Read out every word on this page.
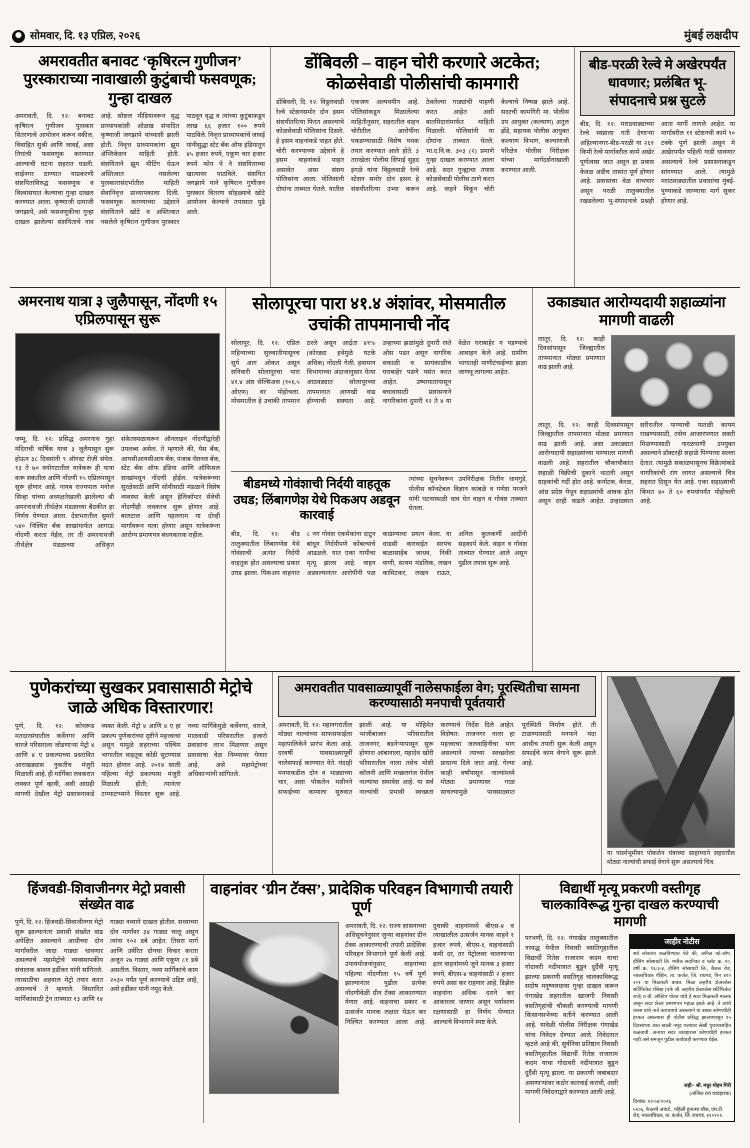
✺ सोमवार, दि. १३ एप्रिल, २०२६	मुंबई लक्षदीप
अमरावतीत बनावट ‘कृषिरत्न गुणीजन’ पुरस्काराच्या नावाखाली कुटुंबाची फसवणूक; गुन्हा दाखल
अमरावती, दि. १२: बनावट कृषिरत्न गुणीजन पुरस्कार वितरणाचे आयोजन करून वकील, विवाहित सुश्री आणि जावई, अशा तिघांची फसवणूक करण्यात आल्याची घटना शहरात घडली. साईनगर ठाण्यात याप्रकरणी संशयिताविरुद्ध फसवणूक व विश्वासघात केल्याचा गुन्हा दाखल करण्यात आला. कृष्णाजी दामाजी जगझापे, असे फसवणूकीचा गुन्हा दाखल झालेल्या संशयिताचे नाव आहे. सोशल मीडियावरून वृद्ध प्राध्यापकांशी ओळख संपादित कृष्णाजी जगझापे यांच्याशी झाली होती. निवृत्त प्राध्यापकांना झूम ॲप्लिकेशन माहिती होती. संशयिताने झूम मीटिंग घेऊन अस्तित्वात नसलेल्या पुरस्कारासंदर्भातील माहिती सेवानिवृत्त प्राध्यापकाला दिली. फसवणूक करण्याच्या उद्देशाने संशयिताने खोटे व अस्तित्वात नसलेले कृषिरत्न गुणीजन पुरस्कार पाठवून वृद्ध व त्यांच्या कुटुंबाकडून लाख ६६ हजार १०० रुपये पाठविले. निवृत्त प्राध्यापकांचे जावई यांनीसुद्धा स्टेट बँक ऑफ इंडियातून ४५ हजार रुपये, एकूण चार हजार रुपये फोन पे ने संशयिताच्या खात्यावर पाठविले. संशयित जगझापे याने कृषिरत्न गुणीजन पुरस्कार वितरण सोहळ्याचे खोटे आयोजन केल्याचे तपासात पुढे आले.
डोंबिवली – वाहन चोरी करणारे अटकेत; कोळसेवाडी पोलीसांची कामगारी
डोंबिवली, दि. १२: विठ्ठलवाडी रेल्वे स्टेशनसमोर दोन इसम संशयीतरित्या फिरत असल्याचे कोळसेवाडी पोलिसांना दिसले. हे इसम वाहनांकडे पाहत होते. चोरी करण्याच्या उद्देशाने हे इसम वाहनांकडे पाहत असावेत असा संशय पोलिसांना आला. पोलिसांनी दोघांना ताब्यात घेतले. यातील एकजण अल्पवयीन आहे. पोलिसांकडून मिळालेल्या माहितीनुसार, शहरातील वाहन चोरीतील आरोपींना पकडण्यासाठी विशेष पथक तयार करण्यात आले होते. ३ तारखेला पोलीस शिपाई सुहद इंगळे यांना विठ्ठलवाडी रेल्वे स्टेशन समोर दोन इसम हे संशयीतरित्या उभ्या करून ठेवलेल्या गाड्यांची पाहणी करत आहेत अशी बातमिदारांमार्फत माहिती मिळाली. पोलिसांनी या दोघांना ताब्यात घेतले. भा.द.वि.क. ३०३ (२) प्रमाणे गुन्हा दाखल करण्यात आला आहे. सदर गुन्ह्याचा तपास कोळसेवाडी पोलीस ठाणे करत आहे. वाहने विकून चोरी केल्याचे निष्पन्न झाले आहे. सदरची कामगिरी मा. पोलीस उप आयुक्त (कल्याण) अतुल झेंडे, सहायक पोलीस आयुक्त कल्याण विभाग, कल्याणजी परिक्षेत्र पोलीस निरीक्षक यांच्या मार्गदर्शनाखाली करण्यात आली.
बीड-परळी रेल्वे मे अखेरपर्यंत धावणार; प्रलंबित भू-संपादनाचे प्रश्न सुटले
बीड, दि. १२: मराठवाड्याच्या रेल्वे स्वप्नाला गती देणाऱ्या अहिल्यानगर-बीड-परळी या २६१ किमी रेल्वे मार्गावरील कामे अखेर पूर्णत्वास जात असून हा प्रवास केवळ अडीच तासांत पूर्ण होणार आहे. प्रवासाचा वेळ वाचणार असून परळी तालुक्यातील रखडलेल्या भू-संपादनाचे प्रश्नही आता मार्गी लागले आहेत. या मार्गावरील ११ स्टेशनची कामे ९० टक्के पूर्ण झाली असून मे अखेरपर्यंत पहिली गाडी धावणार असल्याचे रेल्वे प्रशासनाकडून सांगण्यात आले. त्यामुळे मराठवाड्यातील प्रवाशांचा मुंबई-पुण्याकडे जाण्याचा मार्ग सुकर होणार आहे.
अमरनाथ यात्रा ३ जुलैपासून, नोंदणी १५ एप्रिलपासून सुरू
जम्मू, दि. १२: प्रसिद्ध अमरनाथ गुहा मंदिराची वार्षिक यात्रा ३ जुलैपासून सुरू होऊन ३८ दिवसांनी ९ ऑगस्ट रोजी संपेल. १३ ते ७० वयोगटातील यात्रेकरू ही यात्रा करू शकतील आणि नोंदणी १५ एप्रिलपासून सुरू होणार आहे. नायब राज्यपाल मनोज सिन्हा यांच्या अध्यक्षतेखाली झालेल्या श्री अमरनाथजी तीर्थक्षेत्र मंडळाच्या बैठकीत हा निर्णय घेण्यात आला. देशभरातील सुमारे ५४० निश्चित बँक शाखांमार्फत आगाऊ नोंदणी करता येईल, तर ती अमरनाथजी तीर्थक्षेत्र मंडळाच्या अधिकृत संकेतस्थळावरून ऑनलाइन नोंदणीद्वारेही उपलब्ध असेल. ते म्हणाले की, येस बँक, आयसीआयसीआय बँक, पंजाब नॅशनल बँक, स्टेट बँक ऑफ इंडिया आणि ऑफिसल शाखांमधून नोंदणी होईल. यात्रेकरूंच्या सुरक्षेसाठी आणि सोयीसाठी मंडळाने विशेष व्यवस्था केली असून हेलिकॉप्टर सेवेची नोंदणीही लवकरच सुरू होणार आहे. बालटाल आणि पहलगाम या दोन्ही मार्गांवरून यात्रा होणार असून यात्रेकरूंना आरोग्य प्रमाणपत्र बंधनकारक राहील.
सोलापूरचा पारा ४१.४ अंशांवर, मोसमातील उचांकी तापमानाची नोंद
सोलापूर, दि. १२: एप्रिल महिन्याच्या सुरुवातीपासूनच सूर्य आग ओकत असून शनिवारी सोलापूरचा पारा ४१.४ अंश सेल्सिअस (१०६.५ ओएफ) वर पोहोचला. मोसमातील हे उचांकी तापमान ठरले असून आर्द्रता ४१% (कोरड्या हवेमुळे घटके अधिक) नोंदली गेली. हवामान विभागाच्या अंदाजानुसार येत्या आठवड्यात सोलापूरच्या तापमानात आणखी वाढ होण्याची शक्यता आहे. उन्हाच्या झळांमुळे दुपारी रस्ते ओस पडत असून नागरिक सकाळी व सायंकाळीच घराबाहेर पडणे पसंत करत आहेत. उष्माघातापासून बचावासाठी प्रशासनाने नागरिकांना दुपारी १२ ते ४ या वेळेत घराबाहेर न पडण्याचे आवाहन केले आहे. ग्रामीण भागातही पाणीटंचाईच्या झळा जाणवू लागल्या आहेत.
बीडमध्ये गोवंशाची निर्दयी वाहतूक उघड; लिंबागणेश येथे पिकअप अडवून कारवाई
त्यांच्या सूचनेवरून उपनिरीक्षक नितीन धायगुडे, पोलीस कॉन्स्टेबल विज्ञान कांबळे व गणेश परजने यांनी घटनास्थळी धाव घेत वाहन व गोवंश ताब्यात घेतला.
बीड, दि. १२: बीड तालुक्यातील लिंबागणेश येथे गोवंशाची अत्यंत निर्दयी वाहतूक होत असल्याचा प्रकार उघड झाला. पिकअप वाहनात ८ नग गोवंश एकमेकांना दाटून बांधून निर्दयीपणे कोंबल्याचे आढळले. यात एका गायीचा मृत्यू झाला आहे. वाहन अडवल्यानंतर आरोपींनी पळ काढण्याचा प्रयत्न केला. या धाडसी कारवाईत सरपंच बाळासाहेब जाधव, निकी वाणी, सत्यम मंडलिक, लखन कामिटकर, लखन राऊत, अनिल कुलकर्णी आदींनी सहकार्य केले. वाहन व गोवंश ताब्यात घेण्यात आले असून पुढील तपास सुरू आहे.
उकाड्यात आरोग्यदायी शहाळ्यांना मागणी वाढली
लातूर, दि. १२: काही दिवसांपासून जिल्ह्यातील तापमानात मोठ्या प्रमाणात वाढ झाली आहे.
लातूर, दि. १२: काही दिवसांपासून जिल्ह्यातील तापमानात मोठ्या प्रमाणात वाढ झाली आहे. अशा उकाड्यात आरोग्यदायी शहाळ्यांच्या पाण्याला मागणी वाढली आहे. शहरातील चौकाचौकांत शहाळी विक्रीची दुकाने थाटली असून ग्राहकांची गर्दी होत आहे. कर्नाटक, केरळ, आंध्र प्रदेश येथून शहाळ्यांची आवक होत असून दरही वाढले आहेत. उन्हाळ्यात शरीरातील पाण्याची पातळी कायम राखण्यासाठी, तसेच आजारपणात शक्ती मिळण्यासाठी नारळपाणी उपयुक्त असल्याने डॉक्टरही शहाळे पिण्याचा सल्ला देतात. त्यामुळे सकाळपासूनच विक्रेत्यांकडे नागरिकांची रांग लागत असल्याचे चित्र शहरात दिसून येत आहे. एका शहाळ्याची किंमत ४० ते ६० रुपयांपर्यंत पोहोचली आहे.
पुणेकरांच्या सुखकर प्रवासासाठी मेट्रोचे जाळे अधिक विस्तारणार!
पुणे, दि. १२: कोथरूड मतदारसंघातील कर्वेनगर आणि वारजे परिसराला जोडणाऱ्या मेट्रो ४ आणि ४ ए प्रकल्पाच्या प्रस्तावित आराखड्यास नुकतीच मंजुरी मिळाली आहे. ही मार्गिका लवकरात लवकर पूर्ण व्हावी, अशी आग्रही मागणी देखील मेट्रो प्रशासनाकडे व्यक्त केली. मेट्रो ४ आणि ४ ए हा प्रकल्प पुणेकरांच्या दृष्टीने महत्त्वाचा असून यामुळे शहराच्या पश्चिम भागातील वाहतूक कोंडी सुटण्यास मदत होणार आहे. २०१४ साली पहिल्या मेट्रो प्रकल्पास मंजुरी मिळाली होती; त्यानंतर टप्प्याटप्प्याने विस्तार सुरू आहे. नव्या मार्गिकेमुळे कर्वेनगर, वारजे, माळवाडी परिसरातील हजारो प्रवाशांना लाभ मिळणार असून प्रवासाचा वेळ निम्म्यावर येणार आहे, असे महामेट्रोच्या अधिकाऱ्यांनी सांगितले.
अमरावतीत पावसाळ्यापूर्वी नालेसफाईला वेग; पूरस्थितीचा सामना करण्यासाठी मनपाची पूर्वतयारी
अमरावती, दि. १२: महानगरातील मोठ्या नाल्यांच्या साफसफाईला महापालिकेने प्रारंभ केला आहे. दरवर्षी पावसाळ्यापूर्वी नालेसफाई करण्यात येते. यंदाही मनपाकडील दोन व भाड्याच्या चार, अशा पोकलेन मशीनने सफाईच्या कामाला सुरुवात झाली आहे. या मोहिमेत भाजीबाजार परिसरातील ताजनगर, बडनेऱ्यापासून सुरू होणारा आंबानाला, महादेव खोरी परिसरातील नाला तसेच मोशी कॉलनी आणि मच्छलगंज येथील नाल्यांचा समावेश आहे. या सर्व नाल्यांची प्रभावी स्वच्छता करण्याचे निर्देश दिले आहेत. विशेषत: ताजनगर नाला हा महत्त्वाचा जलवाहिनीचा भाग असल्याने त्याच्या स्वच्छतेला प्राधान्य दिले जात आहे. गेल्या काही वर्षांपासून नाल्यांमध्ये मोठ्या प्रमाणावर गाळ साचल्यामुळे पावसाळ्यात पूरस्थिती निर्माण होते. ती टाळण्यासाठी मनपाने यंदा आधीच तयारी सुरू केली असून सफाईचे काम वेगाने सुरू झाले आहे.
या पार्श्वभूमीवर पोकलेन यंत्राच्या साहाय्याने शहरातील मोठ्या नाल्यांची सफाई वेगाने सुरू असल्याचे चित्र.
हिंजवडी-शिवाजीनगर मेट्रो प्रवासी संख्येत वाढ
पुणे, दि. १२: हिंजवडी-शिवाजीनगर मेट्रो सुरू झाल्यानंतर प्रवासी संख्येत वाढ अपेक्षित असल्याने आधीच्या दोन मार्गांवरील जादा गाड्या धावणार असल्याचे महामेट्रोचे व्यवस्थापकीय संचालक श्रावण हर्डीकर यांनी सांगितले. त्यासाठीचा अहवाल मेट्रो तयार करत असल्याचे ते म्हणाले. विस्तारित मार्गिकांसाठी ट्रेन ताफ्यात १३ आणि १४ गाड्या नव्याने दाखल होतील. सध्याच्या दोन मार्गांवर ३४ गाड्या चालू असून त्यांना १०२ डबे आहेत. तिसरा मार्ग आणि उर्वरित दोनचा विचार करता अजून २७ गाड्या आणि एकूण ८१ डबे असतील. विस्तार, नव्या मार्गिकांचे काम २०३० पर्यंत पूर्ण करण्याचे उद्दिष्ट आहे, असे हर्डीकर यांनी नमूद केले.
वाहनांवर ‘ग्रीन टॅक्स’, प्रादेशिक परिवहन विभागाची तयारी पूर्ण
अमरावती, दि. १२: राज्य शासनाच्या अधिसूचनेनुसार जुन्या वाहनांवर ग्रीन टॅक्स आकारण्याची तयारी प्रादेशिक परिवहन विभागाने पूर्ण केली आहे. उपाययोजनांनुसार, वाहनांच्या पहिल्या नोंदणीला १५ वर्षे पूर्ण झाल्यानंतर पुढील प्रत्येक नोंदणीवेळी ग्रीन टॅक्स आकारण्यात येणार आहे. वाहनाचा प्रकार व उत्सर्जन मानक लक्षात घेऊन कर निश्चित करण्यात आला आहे. दुचाकी वाहनांमध्ये बीएस-४ व त्याखालील उत्सर्जन मानक वाहने १ हजार रुपये, बीएस-६ वाहनांसाठी कमी दर, तर पेट्रोलवर चालणाऱ्या इतर वाहनांमध्ये जुने मानक ३ हजार रुपये, बीएस-४ वाहनांसाठी २ हजार रुपये असा कर राहणार आहे. डिझेल वाहनांना अधिक दराने कर आकारला जाणार असून पर्यावरण रक्षणासाठी हा निर्णय घेण्यात आल्याचे विभागाने स्पष्ट केले.
विद्यार्थी मृत्यू प्रकरणी वस्तीगृह चालकाविरूद्ध गुन्हा दाखल करण्याची मागणी
परभणी, दि. १२: गंगाखेड तालुक्यातील नरवद्ध येथील निवासी वसतिगृहातील विद्यार्थी रितेश राजाराम कदम याचा गोदावरी नदीपात्रात बुडून दुर्दैवी मृत्यू झाल्या प्रकरणी वसतिगृह चालकाविरूद्ध सदोष मनुष्यवधाचा गुन्हा दाखल करून गंगाखेड शहरातील खाजगी निवासी वसतिगृहांची चौकशी करण्याची मागणी किसानसभेच्या वतीने करण्यात आली आहे. यावेळी पोलीस निरीक्षक गंगाखेड यांना निवेदन देण्यात आले. निवेदनात म्हटले आहे की, सुर्यनिवा प्रतिष्ठान निवासी वसतिगृहातील विद्यार्थी रितेश राजाराम कदम याचा गोदावरी नदीपात्रात बुडून दुर्दैवी मृत्यू झाला. या प्रकरणी जबाबदार असणाऱ्यांवर कठोर कारवाई करावी, अशी मागणी निवेदनाद्वारे करण्यात आली आहे.
जाहीर नोटीस
सर्व लोकांना कळविण्यात येते की, अनिल को-ऑप. हौसिंग सोसायटी लि. मधील सदनिका व प्लॉट क्र. १०, वर्षी क्र. १६/३-४, हौसिंग सोसायटी लि., बैजल रोड, नवलाचिवल पॅव्हिन, ता. कर्जत, जि. रायगड, पिन ४१० २०१ या मिळकती बाबत. मिळा लहरीच शेअरलेस सर्टिफिकेट रसिद्या (एके जी. लहरीच शेअरलेस सर्टिफिकेट राजे) व बी. ऑस्टिन पोवत यांचे हे सदर मिळकती मालक असून सदर शेअर प्रमाणपत्र गहाळ झाले आहे. ते त्यांचे वारस यांचे नावे करावयाचे असल्याने या बाबत कोणाचीही हरकत असल्यास ही नोटीस प्रसिद्ध झाल्यापासून १५ दिवसांच्या आत खाली नमूद पत्त्यावर लेखी पुराव्यासहित कळवावी. अन्यथा सदर व्यवहारास कोणाचीही हरकत नाही असे समजून पुढील कार्यवाही करण्यात येईल.
सही/- श्री. मधुर मोहन गिरी
(अजिल राव व्यवहारक)
दिनांक: १२/०४/२०२६
५१०६, फेअरवे अपार्ट., पहिली हुतात्मा चौक, एम.टी. रोड, नवलाचिवल, ता. कर्जत, जि. रायगड, ४१०२०१.
